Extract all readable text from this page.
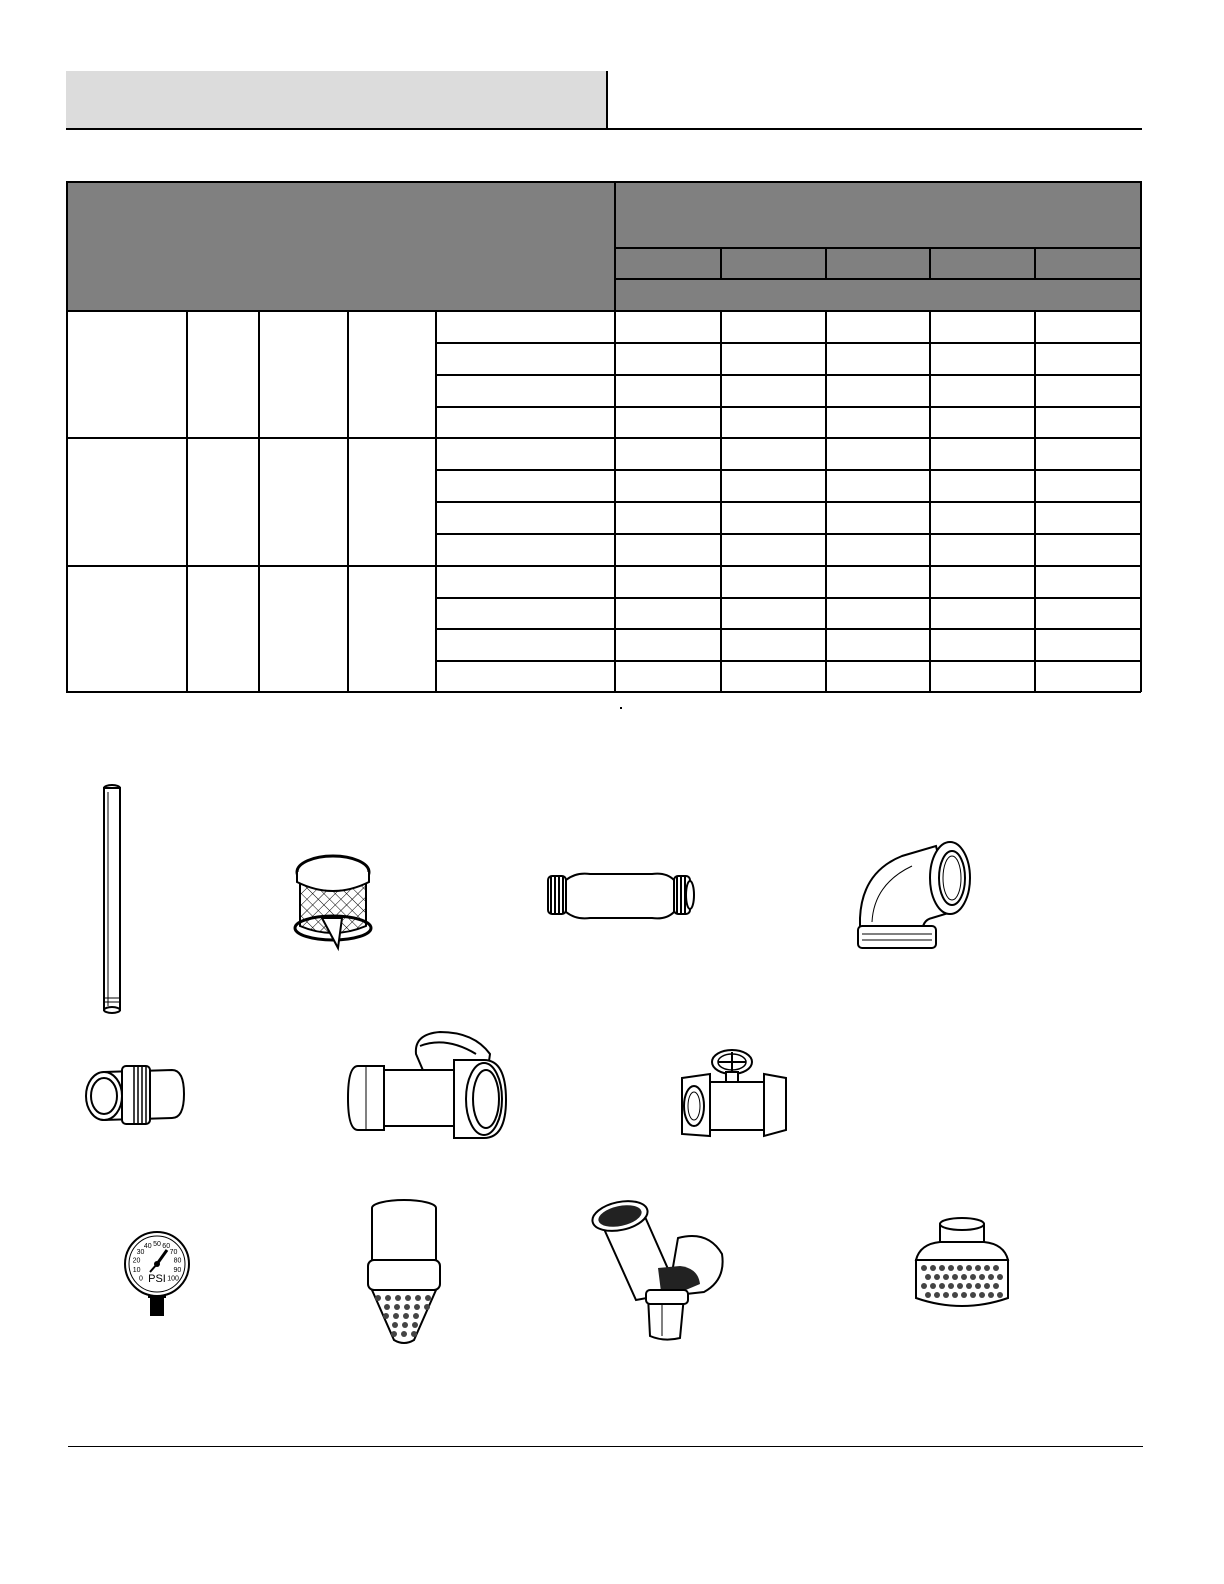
0
10
20
30
40 50 60
70
80
90
100
PSI
